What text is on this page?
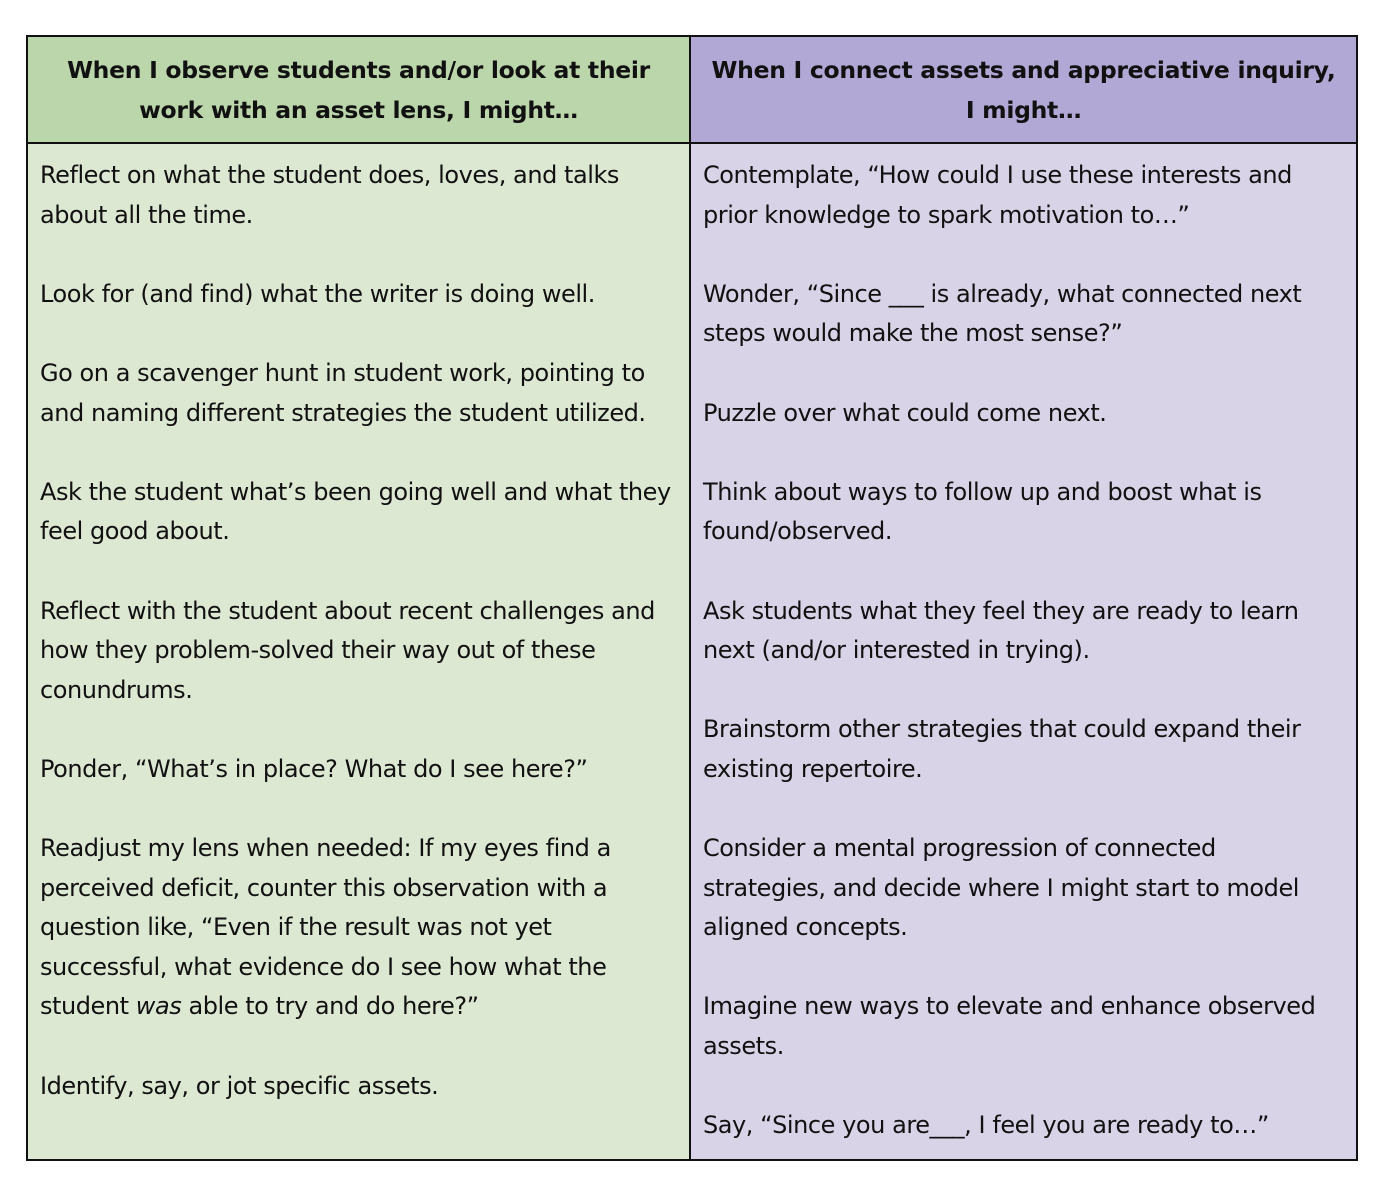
When I observe students and/or look at their work with an asset lens, I might…
When I connect assets and appreciative inquiry, I might…

Reflect on what the student does, loves, and talks about all the time.

Look for (and find) what the writer is doing well.

Go on a scavenger hunt in student work, pointing to and naming different strategies the student utilized.

Ask the student what’s been going well and what they feel good about.

Reflect with the student about recent challenges and how they problem-solved their way out of these conundrums.

Ponder, “What’s in place? What do I see here?”

Readjust my lens when needed: If my eyes find a perceived deficit, counter this observation with a question like, “Even if the result was not yet successful, what evidence do I see how what the student was able to try and do here?”

Identify, say, or jot specific assets.

Contemplate, “How could I use these interests and prior knowledge to spark motivation to…”

Wonder, “Since ___ is already, what connected next steps would make the most sense?”

Puzzle over what could come next.

Think about ways to follow up and boost what is found/observed.

Ask students what they feel they are ready to learn next (and/or interested in trying).

Brainstorm other strategies that could expand their existing repertoire.

Consider a mental progression of connected strategies, and decide where I might start to model aligned concepts.

Imagine new ways to elevate and enhance observed assets.

Say, “Since you are___, I feel you are ready to…”
